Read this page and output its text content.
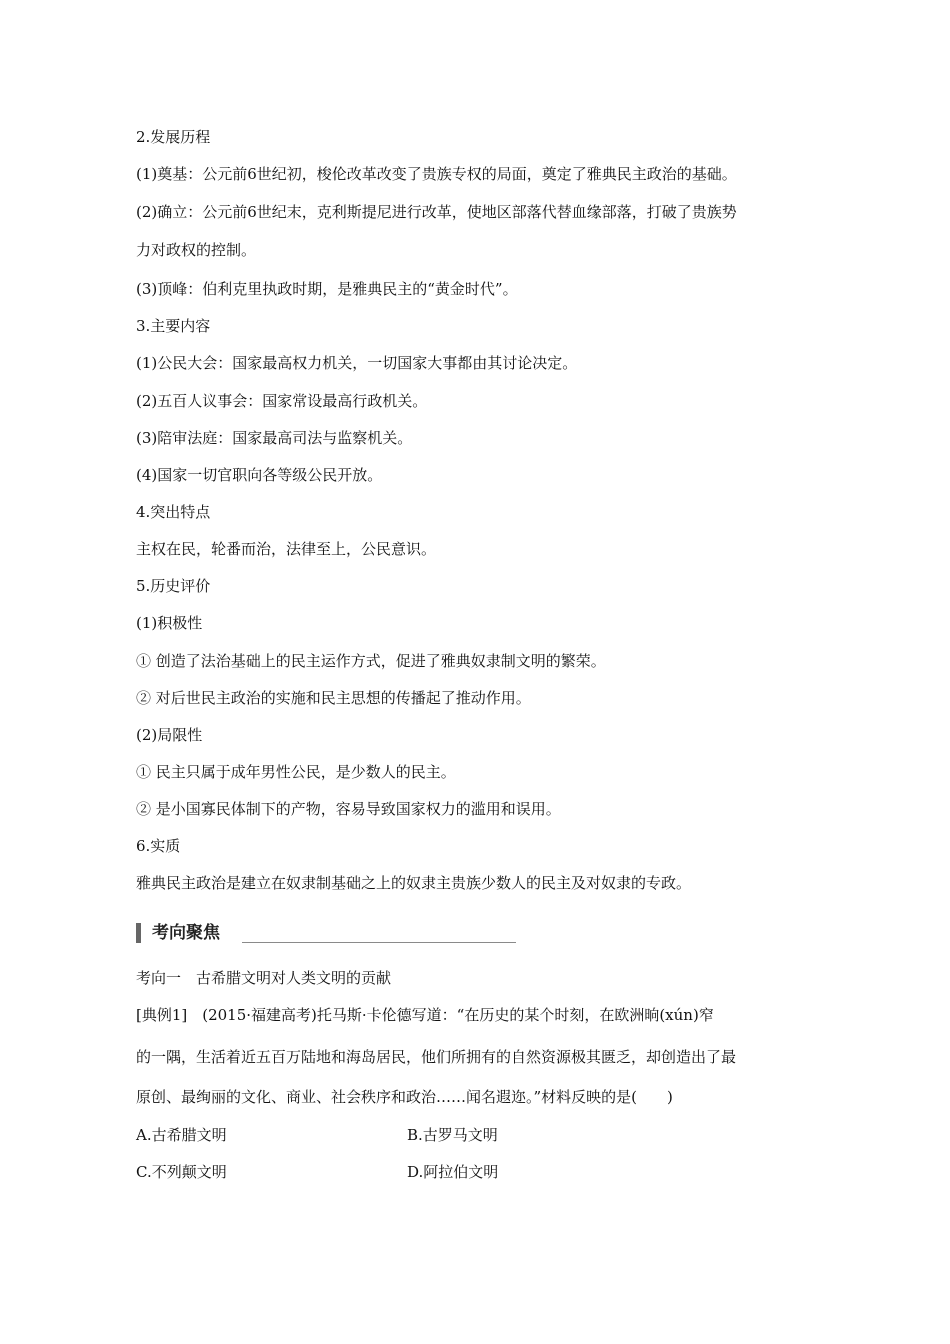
2.发展历程
(1)奠基：公元前6世纪初，梭伦改革改变了贵族专权的局面，奠定了雅典民主政治的基础。
(2)确立：公元前6世纪末，克利斯提尼进行改革，使地区部落代替血缘部落，打破了贵族势
力对政权的控制。
(3)顶峰：伯利克里执政时期，是雅典民主的“黄金时代”。
3.主要内容
(1)公民大会：国家最高权力机关，一切国家大事都由其讨论决定。
(2)五百人议事会：国家常设最高行政机关。
(3)陪审法庭：国家最高司法与监察机关。
(4)国家一切官职向各等级公民开放。
4.突出特点
主权在民，轮番而治，法律至上，公民意识。
5.历史评价
(1)积极性
① 创造了法治基础上的民主运作方式，促进了雅典奴隶制文明的繁荣。
② 对后世民主政治的实施和民主思想的传播起了推动作用。
(2)局限性
① 民主只属于成年男性公民，是少数人的民主。
② 是小国寡民体制下的产物，容易导致国家权力的滥用和误用。
6.实质
雅典民主政治是建立在奴隶制基础之上的奴隶主贵族少数人的民主及对奴隶的专政。
考向聚焦
考向一　古希腊文明对人类文明的贡献
[典例1]　(2015·福建高考)托马斯·卡伦德写道：“在历史的某个时刻，在欧洲晌(xún)窄
的一隅，生活着近五百万陆地和海岛居民，他们所拥有的自然资源极其匮乏，却创造出了最
原创、最绚丽的文化、商业、社会秩序和政治……闻名遐迩。”材料反映的是(　　)
A.古希腊文明	B.古罗马文明
C.不列颠文明	D.阿拉伯文明
